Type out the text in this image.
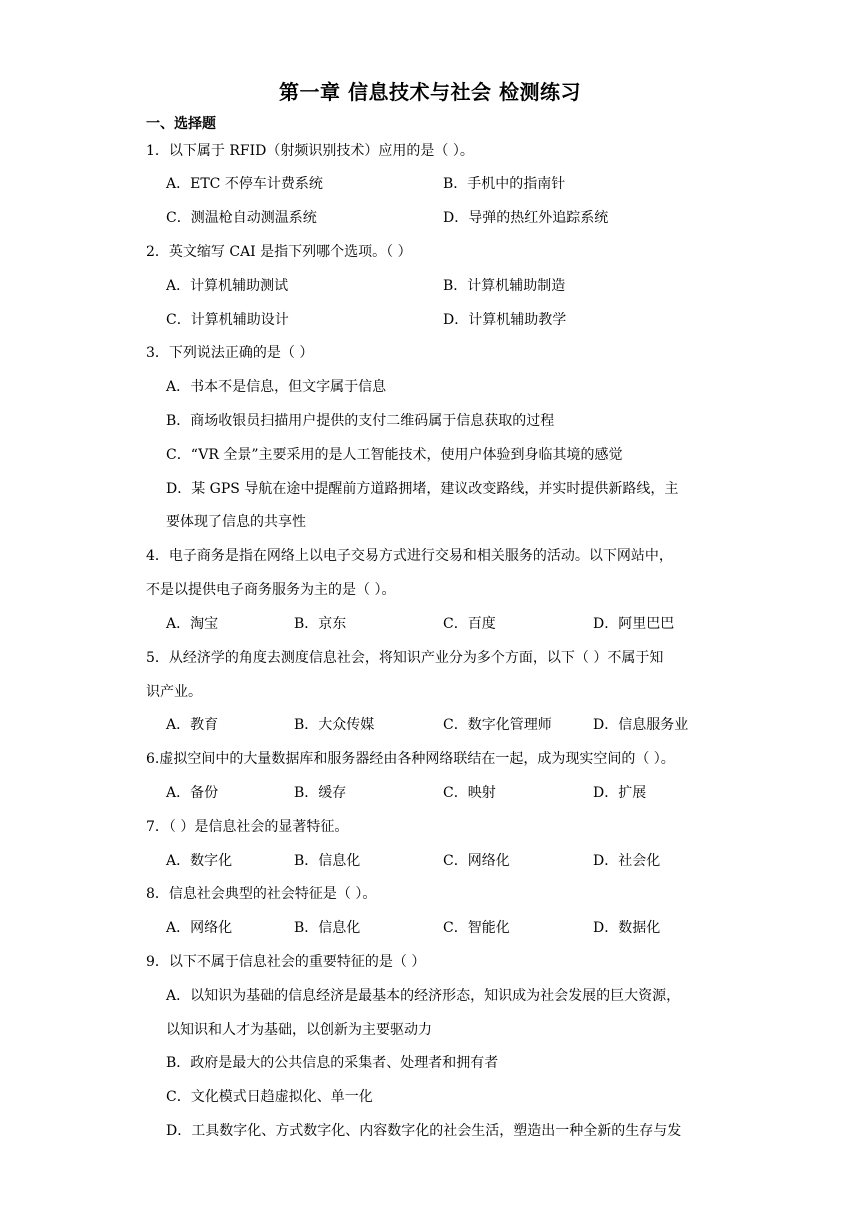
第一章 信息技术与社会 检测练习
一、选择题
1．以下属于 RFID（射频识别技术）应用的是（ ）。
A．ETC 不停车计费系统	B．手机中的指南针
C．测温枪自动测温系统	D．导弹的热红外追踪系统
2．英文缩写 CAI 是指下列哪个选项。（ ）
A．计算机辅助测试	B．计算机辅助制造
C．计算机辅助设计	D．计算机辅助教学
3．下列说法正确的是（ ）
A．书本不是信息，但文字属于信息
B．商场收银员扫描用户提供的支付二维码属于信息获取的过程
C．“VR 全景”主要采用的是人工智能技术，使用户体验到身临其境的感觉
D．某 GPS 导航在途中提醒前方道路拥堵，建议改变路线，并实时提供新路线，主
要体现了信息的共享性
4．电子商务是指在网络上以电子交易方式进行交易和相关服务的活动。以下网站中，
不是以提供电子商务服务为主的是（ ）。
A．淘宝	B．京东	C．百度	D．阿里巴巴
5．从经济学的角度去测度信息社会，将知识产业分为多个方面，以下（ ）不属于知
识产业。
A．教育	B．大众传媒	C．数字化管理师	D．信息服务业
6.虚拟空间中的大量数据库和服务器经由各种网络联结在一起，成为现实空间的（ ）。
A．备份	B．缓存	C．映射	D．扩展
7．（ ）是信息社会的显著特征。
A．数字化	B．信息化	C．网络化	D．社会化
8．信息社会典型的社会特征是（ ）。
A．网络化	B．信息化	C．智能化	D．数据化
9．以下不属于信息社会的重要特征的是（ ）
A．以知识为基础的信息经济是最基本的经济形态，知识成为社会发展的巨大资源，
以知识和人才为基础，以创新为主要驱动力
B．政府是最大的公共信息的采集者、处理者和拥有者
C．文化模式日趋虚拟化、单一化
D．工具数字化、方式数字化、内容数字化的社会生活，塑造出一种全新的生存与发
